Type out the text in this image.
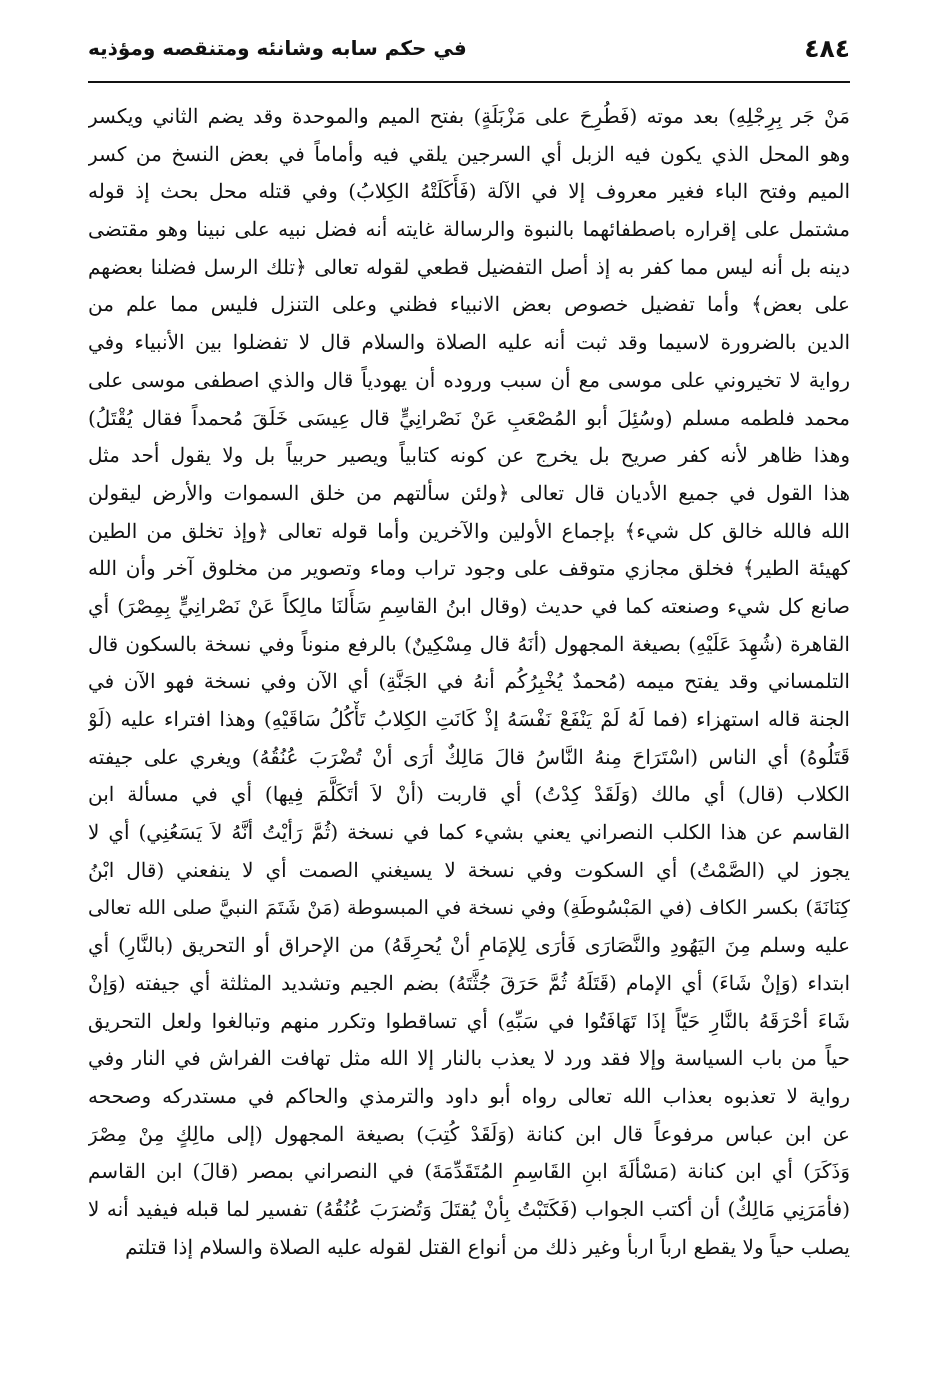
٤٨٤
في حكم سابه وشانئه ومتنقصه ومؤذيه
مَنْ جَر بِرِجْلِهِ) بعد موته (فَطُرِحَ على مَزْبَلَةٍ) بفتح الميم والموحدة وقد يضم الثاني ويكسر
وهو المحل الذي يكون فيه الزبل أي السرجين يلقي فيه وأماماً في بعض النسخ من كسر
الميم وفتح الباء فغير معروف إلا في الآلة (فَأَكَلَتْهُ الكِلابُ) وفي قتله محل بحث إذ قوله
مشتمل على إقراره باصطفائهما بالنبوة والرسالة غايته أنه فضل نبيه على نبينا وهو مقتضى
دينه بل أنه ليس مما كفر به إذ أصل التفضيل قطعي لقوله تعالى ﴿تلك الرسل فضلنا بعضهم
على بعض﴾ وأما تفضيل خصوص بعض الانبياء فظني وعلى التنزل فليس مما علم من
الدين بالضرورة لاسيما وقد ثبت أنه عليه الصلاة والسلام قال لا تفضلوا بين الأنبياء وفي
رواية لا تخيروني على موسى مع أن سبب وروده أن يهودياً قال والذي اصطفى موسى على
محمد فلطمه مسلم (وسُئِلَ أبو المُصْعَبِ عَنْ نَصْرانِيٍّ قال عِيسَى خَلَقَ مُحمداً فقال يُقْتَلُ)
وهذا ظاهر لأنه كفر صريح بل يخرج عن كونه كتابياً ويصير حربياً بل ولا يقول أحد مثل
هذا القول في جميع الأديان قال تعالى ﴿ولئن سألتهم من خلق السموات والأرض ليقولن
الله فالله خالق كل شيء﴾ بإجماع الأولين والآخرين وأما قوله تعالى ﴿وإذ تخلق من الطين
كهيئة الطير﴾ فخلق مجازي متوقف على وجود تراب وماء وتصوير من مخلوق آخر وأن الله
صانع كل شيء وصنعته كما في حديث (وقال ابنُ القاسِمِ سَأَلنَا مالِكاً عَنْ نَصْرانِيٍّ بِمِصْرَ) أي
القاهرة (شُهِدَ عَلَيْهِ) بصيغة المجهول (أنَهُ قال مِسْكِينٌ) بالرفع منوناً وفي نسخة بالسكون قال
التلمساني وقد يفتح ميمه (مُحمدٌ يُخْبِرُكُم أنهُ في الجَنَّةِ) أي الآن وفي نسخة فهو الآن في
الجنة قاله استهزاء (فما لَهُ لَمْ يَنْفَعْ نَفْسَهُ إذْ كَانَتِ الكِلابُ تَأْكُلُ سَاقَيْهِ) وهذا افتراء عليه (لَوْ
قَتَلُوهُ) أي الناس (اسْتَرَاحَ مِنهُ النَّاسُ قالَ مَالِكٌ أرَى أنْ تُضْرَبَ عُنُقُهُ) ويغري على جيفته
الكلاب (قال) أي مالك (وَلَقَدْ كِدْتُ) أي قاربت (أنْ لاَ أتَكَلَّمَ فِيها) أي في مسألة ابن
القاسم عن هذا الكلب النصراني يعني بشيء كما في نسخة (ثُمَّ رَأيْتُ أنَّهُ لاَ يَسَعُنِي) أي لا
يجوز لي (الصَّمْتُ) أي السكوت وفي نسخة لا يسيغني الصمت أي لا ينفعني (قال ابْنُ
كِنَانَةَ) بكسر الكاف (في المَبْسُوطَةِ) وفي نسخة في المبسوطة (مَنْ شَتَمَ النبيَّ صلى الله تعالى
عليه وسلم مِنَ اليَهُودِ والنَّصَارَى فَأرَى لِلإمَامِ أنْ يُحرِقَهُ) من الإحراق أو التحريق (بالنَّارِ) أي
ابتداء (وَإنْ شَاءَ) أي الإمام (قَتَلَهُ ثُمَّ حَرَقَ جُثَّتَهُ) بضم الجيم وتشديد المثلثة أي جيفته (وَإنْ
شَاءَ أحْرَقَهُ بالنَّارِ حَيّاً إذَا تَهَافَتُوا في سَبِّهِ) أي تساقطوا وتكرر منهم وتبالغوا ولعل التحريق
حياً من باب السياسة وإلا فقد ورد لا يعذب بالنار إلا الله مثل تهافت الفراش في النار وفي
رواية لا تعذبوه بعذاب الله تعالى رواه أبو داود والترمذي والحاكم في مستدركه وصححه
عن ابن عباس مرفوعاً قال ابن كنانة (وَلَقَدْ كُتِبَ) بصيغة المجهول (إلى مالِكٍ مِنْ مِصْرَ
وَذَكَرَ) أي ابن كنانة (مَسْألَةَ ابنِ القَاسِمِ المُتَقَدِّمَةَ) في النصراني بمصر (قالَ) ابن القاسم
(فأمَرَنِي مَالِكٌ) أن أكتب الجواب (فَكَتَبْتُ بِأنْ يُقتَلَ وَتُضرَبَ عُنُقُهُ) تفسير لما قبله فيفيد أنه لا
يصلب حياً ولا يقطع ارباً اربأ وغير ذلك من أنواع القتل لقوله عليه الصلاة والسلام إذا قتلتم
